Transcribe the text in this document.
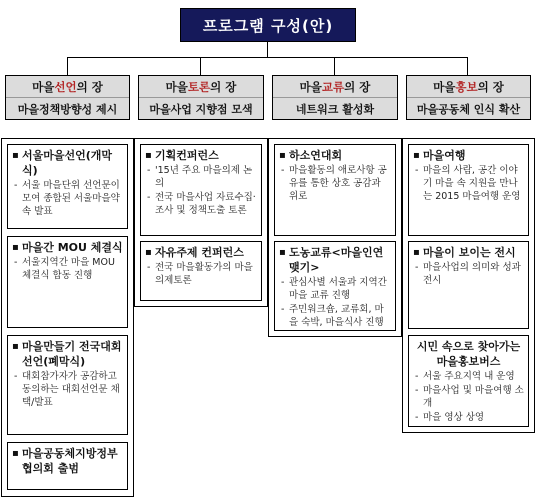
프로그램 구성(안)
마을 선언 의 장
마을정책방향성 제시
마을 토론 의 장
마을사업 지향점 모색
마을 교류 의 장
네트워크 활성화
마을 홍보 의 장
마을공동체 인식 확산
▪ 서울마을선언(개막식)
- 서울 마을단위 선언문이 모여 종합된 서울마을약속 발표
▪ 마을간 MOU 체결식
- 서울지역간 마을 MOU 체결식 합동 진행
▪ 마을만들기 전국대회 선언(폐막식)
- 대회참가자가 공감하고 동의하는 대회선언문 채택/발표
▪ 마을공동체지방정부 협의회 출범
▪ 기획컨퍼런스
- '15년 주요 마을의제 논의
- 전국 마을사업 자료수집·조사 및 정책도출 토론
▪ 자유주제 컨퍼런스
- 전국 마을활동가의 마을 의제토론
▪ 하소연대회
- 마을활동의 애로사항 공유를 통한 상호 공감과 위로
▪ 도농교류<마을인연맺기>
- 관심사별 서울과 지역간 마을 교류 진행
- 주민워크숍, 교류회, 마을 숙박, 마을식사 진행
▪ 마을여행
- 마을의 사람, 공간 이야기 마을 속 지원을 만나는 2015 마을여행 운영
▪ 마을이 보이는 전시
- 마을사업의 의미와 성과 전시
시민 속으로 찾아가는 마을홍보버스
- 서울 주요지역 내 운영
- 마을사업 및 마을여행 소개
- 마을 영상 상영
